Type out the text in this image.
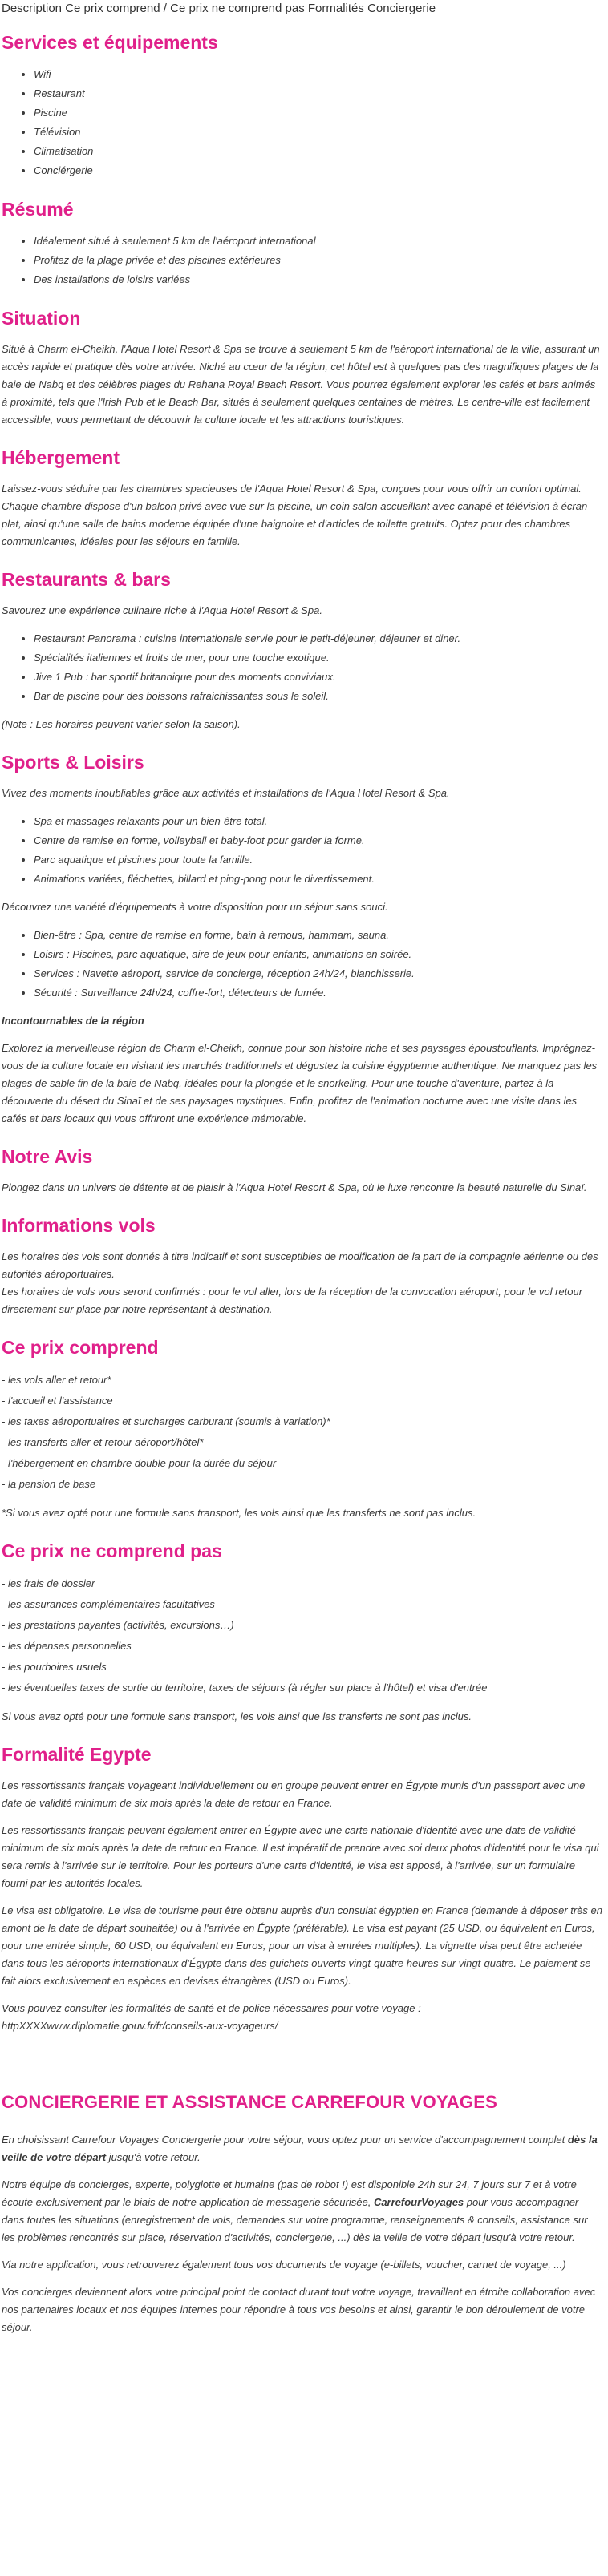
Description Ce prix comprend / Ce prix ne comprend pas Formalités Conciergerie
Services et équipements
• Wifi
• Restaurant
• Piscine
• Télévision
• Climatisation
• Conciérgerie
Résumé
• Idéalement situé à seulement 5 km de l'aéroport international
• Profitez de la plage privée et des piscines extérieures
• Des installations de loisirs variées
Situation

Situé à Charm el-Cheikh, l'Aqua Hotel Resort & Spa se trouve à seulement 5 km de l'aéroport international de la ville, assurant un accès rapide et pratique dès votre arrivée. Niché au cœur de la région, cet hôtel est à quelques pas des magnifiques plages de la baie de Nabq et des célèbres plages du Rehana Royal Beach Resort. Vous pourrez également explorer les cafés et bars animés à proximité, tels que l'Irish Pub et le Beach Bar, situés à seulement quelques centaines de mètres. Le centre-ville est facilement accessible, vous permettant de découvrir la culture locale et les attractions touristiques.

Hébergement

Laissez-vous séduire par les chambres spacieuses de l'Aqua Hotel Resort & Spa, conçues pour vous offrir un confort optimal. Chaque chambre dispose d'un balcon privé avec vue sur la piscine, un coin salon accueillant avec canapé et télévision à écran plat, ainsi qu'une salle de bains moderne équipée d'une baignoire et d'articles de toilette gratuits. Optez pour des chambres communicantes, idéales pour les séjours en famille.

Restaurants & bars

Savourez une expérience culinaire riche à l'Aqua Hotel Resort & Spa.

• Restaurant Panorama : cuisine internationale servie pour le petit-déjeuner, déjeuner et diner.
• Spécialités italiennes et fruits de mer, pour une touche exotique.
• Jive 1 Pub : bar sportif britannique pour des moments conviviaux.
• Bar de piscine pour des boissons rafraichissantes sous le soleil.

(Note : Les horaires peuvent varier selon la saison).

Sports & Loisirs

Vivez des moments inoubliables grâce aux activités et installations de l'Aqua Hotel Resort & Spa.

• Spa et massages relaxants pour un bien-être total.
• Centre de remise en forme, volleyball et baby-foot pour garder la forme.
• Parc aquatique et piscines pour toute la famille.
• Animations variées, fléchettes, billard et ping-pong pour le divertissement.

Découvrez une variété d'équipements à votre disposition pour un séjour sans souci.

• Bien-être : Spa, centre de remise en forme, bain à remous, hammam, sauna.
• Loisirs : Piscines, parc aquatique, aire de jeux pour enfants, animations en soirée.
• Services : Navette aéroport, service de concierge, réception 24h/24, blanchisserie.
• Sécurité : Surveillance 24h/24, coffre-fort, détecteurs de fumée.

Incontournables de la région

Explorez la merveilleuse région de Charm el-Cheikh, connue pour son histoire riche et ses paysages époustouflants. Imprégnez-vous de la culture locale en visitant les marchés traditionnels et dégustez la cuisine égyptienne authentique. Ne manquez pas les plages de sable fin de la baie de Nabq, idéales pour la plongée et le snorkeling. Pour une touche d'aventure, partez à la découverte du désert du Sinaï et de ses paysages mystiques. Enfin, profitez de l'animation nocturne avec une visite dans les cafés et bars locaux qui vous offriront une expérience mémorable.

Notre Avis

Plongez dans un univers de détente et de plaisir à l'Aqua Hotel Resort & Spa, où le luxe rencontre la beauté naturelle du Sinaï.

Informations vols

Les horaires des vols sont donnés à titre indicatif et sont susceptibles de modification de la part de la compagnie aérienne ou des autorités aéroportuaires.

Les horaires de vols vous seront confirmés : pour le vol aller, lors de la réception de la convocation aéroport, pour le vol retour directement sur place par notre représentant à destination.

Ce prix comprend

- les vols aller et retour*

- l'accueil et l'assistance

- les taxes aéroportuaires et surcharges carburant (soumis à variation)*

- les transferts aller et retour aéroport/hôtel*

- l'hébergement en chambre double pour la durée du séjour

- la pension de base

*Si vous avez opté pour une formule sans transport, les vols ainsi que les transferts ne sont pas inclus.

Ce prix ne comprend pas

- les frais de dossier

- les assurances complémentaires facultatives

- les prestations payantes (activités, excursions…)

- les dépenses personnelles

- les pourboires usuels

- les éventuelles taxes de sortie du territoire, taxes de séjours (à régler sur place à l'hôtel) et visa d'entrée

Si vous avez opté pour une formule sans transport, les vols ainsi que les transferts ne sont pas inclus.

Formalité Egypte

Les ressortissants français voyageant individuellement ou en groupe peuvent entrer en Égypte munis d'un passeport avec une date de validité minimum de six mois après la date de retour en France.

Les ressortissants français peuvent également entrer en Égypte avec une carte nationale d'identité avec une date de validité minimum de six mois après la date de retour en France. Il est impératif de prendre avec soi deux photos d'identité pour le visa qui sera remis à l'arrivée sur le territoire. Pour les porteurs d'une carte d'identité, le visa est apposé, à l'arrivée, sur un formulaire fourni par les autorités locales.

Le visa est obligatoire. Le visa de tourisme peut être obtenu auprès d'un consulat égyptien en France (demande à déposer très en amont de la date de départ souhaitée) ou à l'arrivée en Égypte (préférable). Le visa est payant (25 USD, ou équivalent en Euros, pour une entrée simple, 60 USD, ou équivalent en Euros, pour un visa à entrées multiples). La vignette visa peut être achetée dans tous les aéroports internationaux d'Égypte dans des guichets ouverts vingt-quatre heures sur vingt-quatre. Le paiement se fait alors exclusivement en espèces en devises étrangères (USD ou Euros).

Vous pouvez consulter les formalités de santé et de police nécessaires pour votre voyage : httpXXXXwww.diplomatie.gouv.fr/fr/conseils-aux-voyageurs/

CONCIERGERIE ET ASSISTANCE CARREFOUR VOYAGES

En choisissant Carrefour Voyages Conciergerie pour votre séjour, vous optez pour un service d'accompagnement complet dès la veille de votre départ jusqu'à votre retour.

Notre équipe de concierges, experte, polyglotte et humaine (pas de robot !) est disponible 24h sur 24, 7 jours sur 7 et à votre écoute exclusivement par le biais de notre application de messagerie sécurisée, CarrefourVoyages pour vous accompagner dans toutes les situations (enregistrement de vols, demandes sur votre programme, renseignements & conseils, assistance sur les problèmes rencontrés sur place, réservation d'activités, conciergerie, ...) dès la veille de votre départ jusqu'à votre retour.

Via notre application, vous retrouverez également tous vos documents de voyage (e-billets, voucher, carnet de voyage, ...)

Vos concierges deviennent alors votre principal point de contact durant tout votre voyage, travaillant en étroite collaboration avec nos partenaires locaux et nos équipes internes pour répondre à tous vos besoins et ainsi, garantir le bon déroulement de votre séjour.
